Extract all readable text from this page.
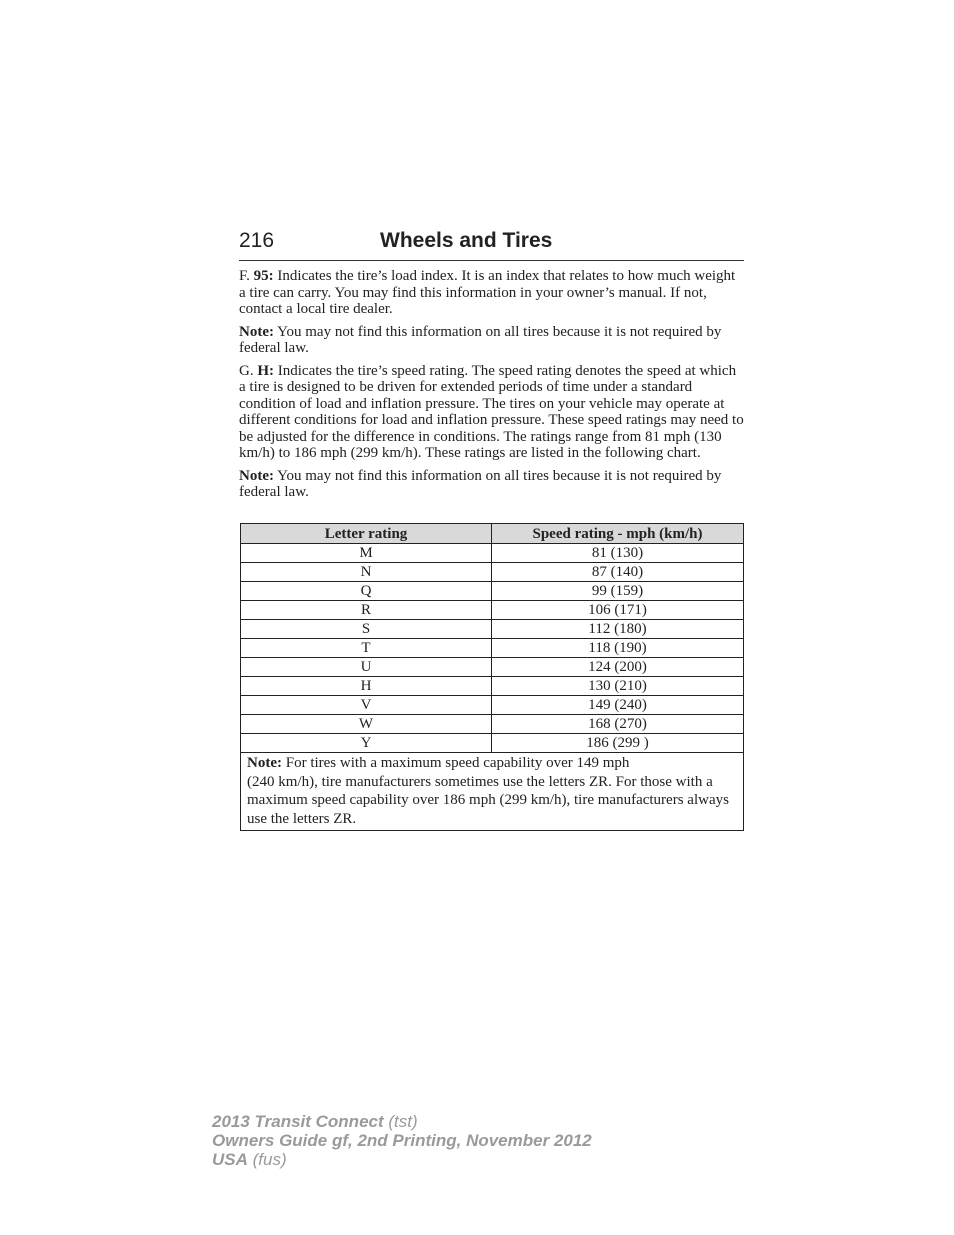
216	Wheels and Tires

F. 95: Indicates the tire’s load index. It is an index that relates to how much weight a tire can carry. You may find this information in your owner’s manual. If not, contact a local tire dealer.

Note: You may not find this information on all tires because it is not required by federal law.

G. H: Indicates the tire’s speed rating. The speed rating denotes the speed at which a tire is designed to be driven for extended periods of time under a standard condition of load and inflation pressure. The tires on your vehicle may operate at different conditions for load and inflation pressure. These speed ratings may need to be adjusted for the difference in conditions. The ratings range from 81 mph (130 km/h) to 186 mph (299 km/h). These ratings are listed in the following chart.

Note: You may not find this information on all tires because it is not required by federal law.

Letter rating	Speed rating - mph (km/h)
M	81 (130)
N	87 (140)
Q	99 (159)
R	106 (171)
S	112 (180)
T	118 (190)
U	124 (200)
H	130 (210)
V	149 (240)
W	168 (270)
Y	186 (299 )
Note: For tires with a maximum speed capability over 149 mph
(240 km/h), tire manufacturers sometimes use the letters ZR. For those with a maximum speed capability over 186 mph (299 km/h), tire manufacturers always use the letters ZR.	
2013 Transit Connect (tst)
Owners Guide gf, 2nd Printing, November 2012
USA (fus)
